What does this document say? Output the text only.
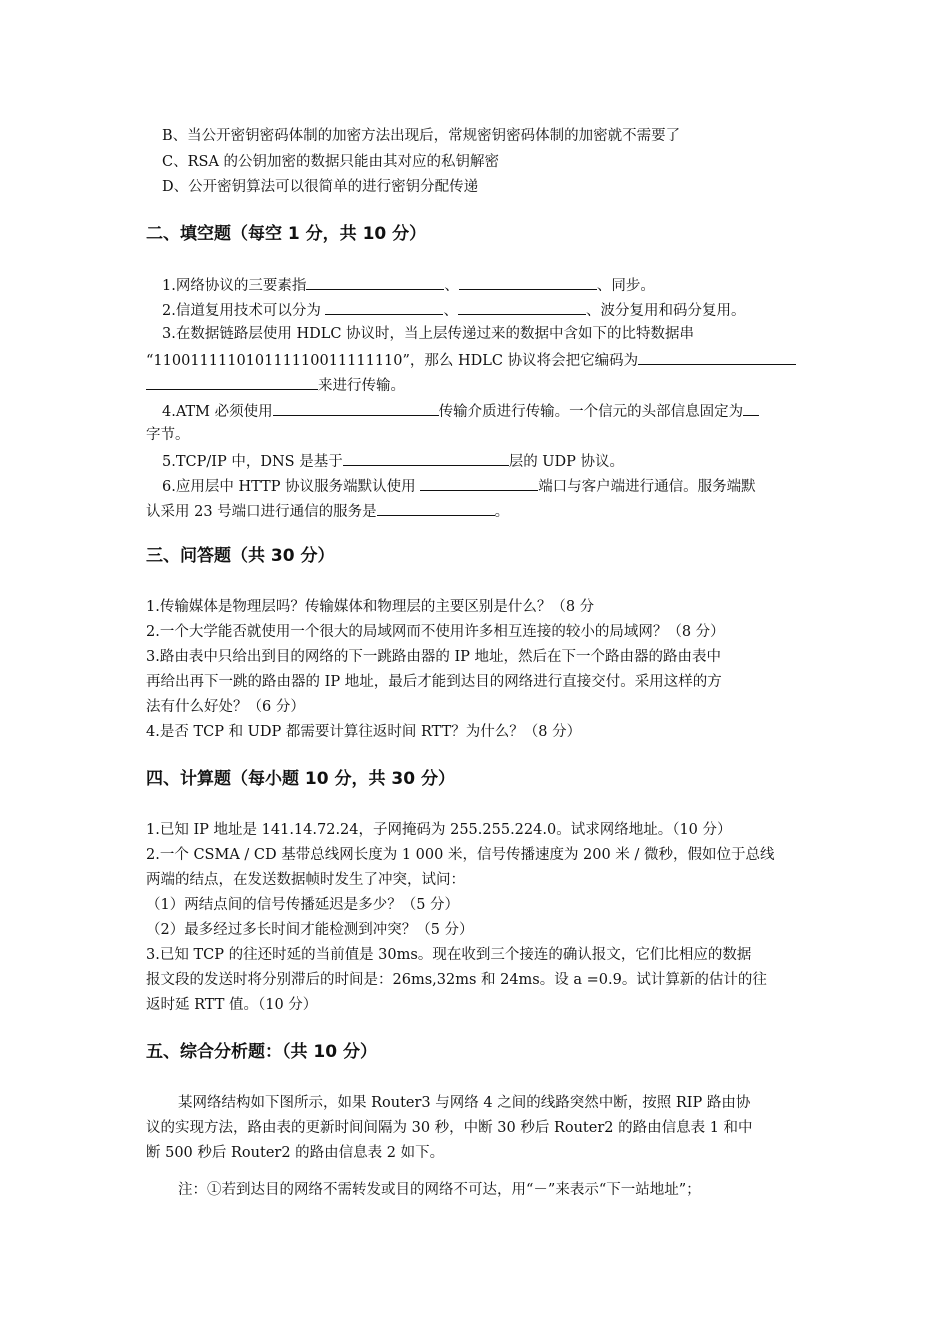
B、当公开密钥密码体制的加密方法出现后，常规密钥密码体制的加密就不需要了
C、RSA 的公钥加密的数据只能由其对应的私钥解密
D、公开密钥算法可以很简单的进行密钥分配传递
二、填空题（每空 1 分，共 10 分）
1.网络协议的三要素指	、	、同步。
2.信道复用技术可以分为	、	、波分复用和码分复用。
3.在数据链路层使用 HDLC 协议时，当上层传递过来的数据中含如下的比特数据串
“110011111010111110011111110”，那么 HDLC 协议将会把它编码为
来进行传输。
4.ATM 必须使用	传输介质进行传输。一个信元的头部信息固定为
字节。
5.TCP/IP 中，DNS 是基于	层的 UDP 协议。
6.应用层中 HTTP 协议服务端默认使用	端口与客户端进行通信。服务端默
认采用 23 号端口进行通信的服务是	。
三、问答题（共 30 分）
1.传输媒体是物理层吗？传输媒体和物理层的主要区别是什么？（8 分
2.一个大学能否就使用一个很大的局域网而不使用许多相互连接的较小的局域网？（8 分）
3.路由表中只给出到目的网络的下一跳路由器的 IP 地址，然后在下一个路由器的路由表中
再给出再下一跳的路由器的 IP 地址，最后才能到达目的网络进行直接交付。采用这样的方
法有什么好处？（6 分）
4.是否 TCP 和 UDP 都需要计算往返时间 RTT？为什么？（8 分）
四、计算题（每小题 10 分，共 30 分）
1.已知 IP 地址是 141.14.72.24，子网掩码为 255.255.224.0。试求网络地址。（10 分）
2.一个 CSMA / CD 基带总线网长度为 1 000 米，信号传播速度为 200 米 / 微秒，假如位于总线
两端的结点，在发送数据帧时发生了冲突，试问：
（1）两结点间的信号传播延迟是多少？（5 分）
（2）最多经过多长时间才能检测到冲突？（5 分）
3.已知 TCP 的往还时延的当前值是 30ms。现在收到三个接连的确认报文，它们比相应的数据
报文段的发送时将分别滞后的时间是：26ms,32ms 和 24ms。设 a =0.9。试计算新的估计的往
返时延 RTT 值。（10 分）
五、综合分析题：（共 10 分）
某网络结构如下图所示，如果 Router3 与网络 4 之间的线路突然中断，按照 RIP 路由协
议的实现方法，路由表的更新时间间隔为 30 秒，中断 30 秒后 Router2 的路由信息表 1 和中
断 500 秒后 Router2 的路由信息表 2 如下。
注：①若到达目的网络不需转发或目的网络不可达，用“－”来表示“下一站地址”；
